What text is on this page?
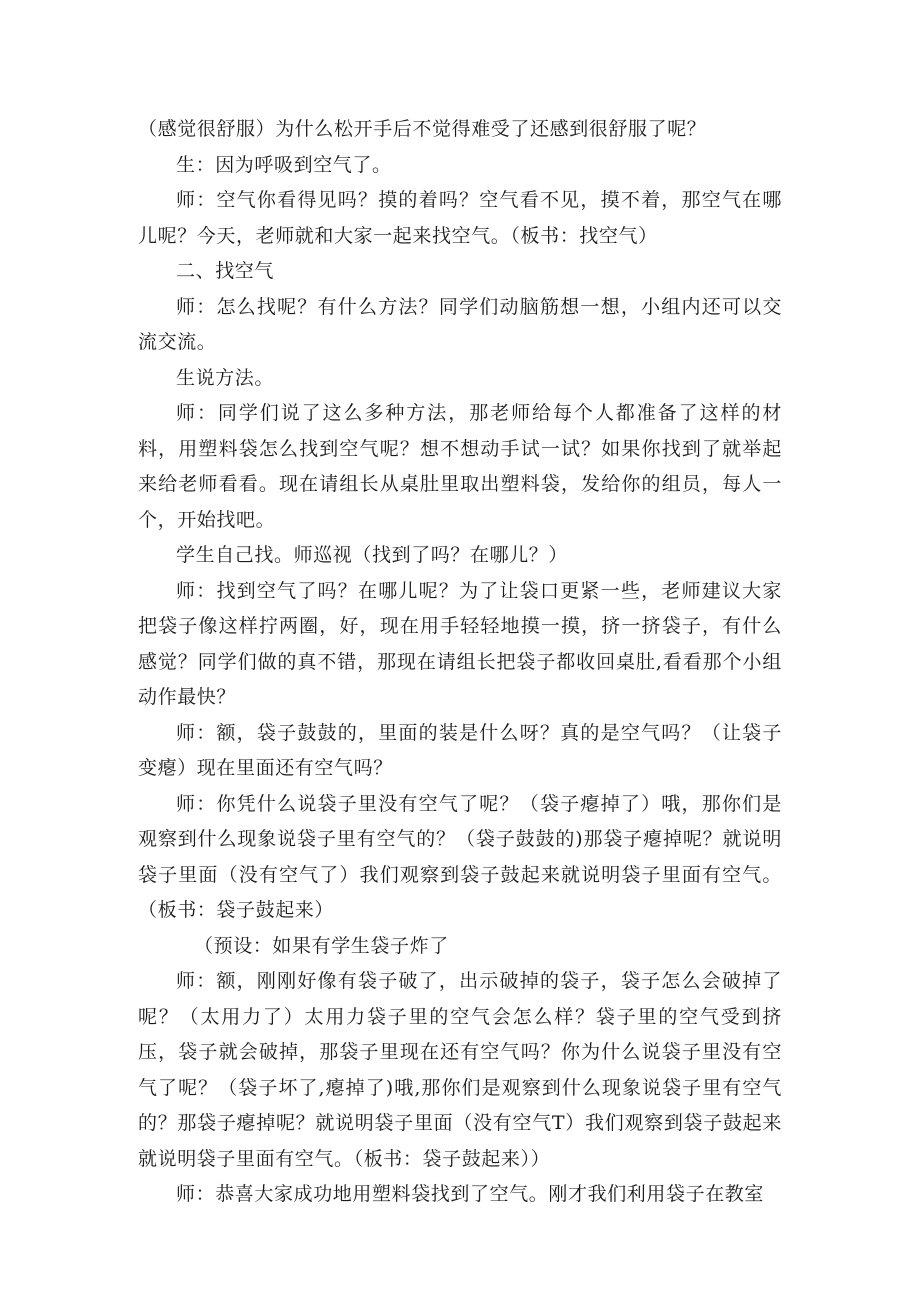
（感觉很舒服）为什么松开手后不觉得难受了还感到很舒服了呢？

生：因为呼吸到空气了。

师：空气你看得见吗？摸的着吗？空气看不见，摸不着，那空气在哪儿呢？今天，老师就和大家一起来找空气。（板书：找空气）

二、找空气

师：怎么找呢？有什么方法？同学们动脑筋想一想，小组内还可以交流交流。

生说方法。

师：同学们说了这么多种方法，那老师给每个人都准备了这样的材料，用塑料袋怎么找到空气呢？想不想动手试一试？如果你找到了就举起来给老师看看。现在请组长从桌肚里取出塑料袋，发给你的组员，每人一个，开始找吧。

学生自己找。师巡视（找到了吗？在哪儿？）

师：找到空气了吗？在哪儿呢？为了让袋口更紧一些，老师建议大家把袋子像这样拧两圈，好，现在用手轻轻地摸一摸，挤一挤袋子，有什么感觉？同学们做的真不错，那现在请组长把袋子都收回桌肚,看看那个小组动作最快？

师：额，袋子鼓鼓的，里面的装是什么呀？真的是空气吗？（让袋子变瘪）现在里面还有空气吗？

师：你凭什么说袋子里没有空气了呢？（袋子瘪掉了）哦，那你们是观察到什么现象说袋子里有空气的？（袋子鼓鼓的)那袋子瘪掉呢？就说明袋子里面（没有空气了）我们观察到袋子鼓起来就说明袋子里面有空气。（板书：袋子鼓起来）

（预设：如果有学生袋子炸了

师：额，刚刚好像有袋子破了，出示破掉的袋子，袋子怎么会破掉了呢？（太用力了）太用力袋子里的空气会怎么样？袋子里的空气受到挤压，袋子就会破掉，那袋子里现在还有空气吗？你为什么说袋子里没有空气了呢？（袋子坏了,瘪掉了)哦,那你们是观察到什么现象说袋子里有空气的？那袋子瘪掉呢？就说明袋子里面（没有空气T）我们观察到袋子鼓起来就说明袋子里面有空气。（板书：袋子鼓起来））

师：恭喜大家成功地用塑料袋找到了空气。刚才我们利用袋子在教室
